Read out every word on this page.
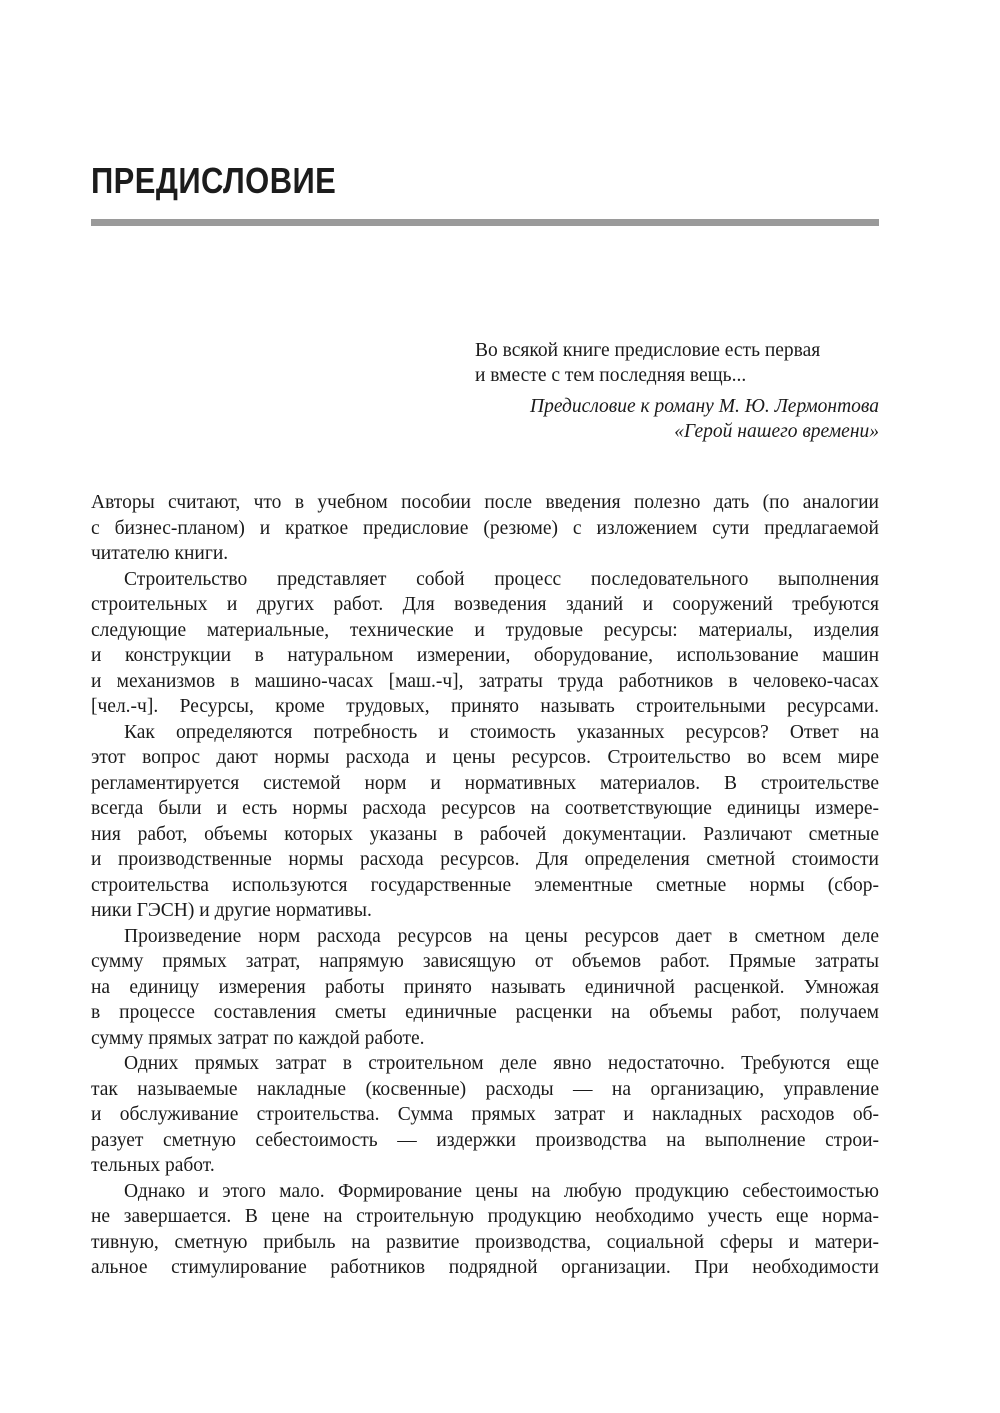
ПРЕДИСЛОВИЕ

Во всякой книге предисловие есть первая
и вместе с тем последняя вещь...

Предисловие к роману М. Ю. Лермонтова
«Герой нашего времени»

Авторы считают, что в учебном пособии после введения полезно дать (по аналогии
с бизнес-планом) и краткое предисловие (резюме) с изложением сути предлагаемой
читателю книги.
Строительство представляет собой процесс последовательного выполнения
строительных и других работ. Для возведения зданий и сооружений требуются
следующие материальные, технические и трудовые ресурсы: материалы, изделия
и конструкции в натуральном измерении, оборудование, использование машин
и механизмов в машино-часах [маш.-ч], затраты труда работников в человеко-часах
[чел.-ч]. Ресурсы, кроме трудовых, принято называть строительными ресурсами.
Как определяются потребность и стоимость указанных ресурсов? Ответ на
этот вопрос дают нормы расхода и цены ресурсов. Строительство во всем мире
регламентируется системой норм и нормативных материалов. В строительстве
всегда были и есть нормы расхода ресурсов на соответствующие единицы измере-
ния работ, объемы которых указаны в рабочей документации. Различают сметные
и производственные нормы расхода ресурсов. Для определения сметной стоимости
строительства используются государственные элементные сметные нормы (сбор-
ники ГЭСН) и другие нормативы.
Произведение норм расхода ресурсов на цены ресурсов дает в сметном деле
сумму прямых затрат, напрямую зависящую от объемов работ. Прямые затраты
на единицу измерения работы принято называть единичной расценкой. Умножая
в процессе составления сметы единичные расценки на объемы работ, получаем
сумму прямых затрат по каждой работе.
Одних прямых затрат в строительном деле явно недостаточно. Требуются еще
так называемые накладные (косвенные) расходы — на организацию, управление
и обслуживание строительства. Сумма прямых затрат и накладных расходов об-
разует сметную себестоимость — издержки производства на выполнение строи-
тельных работ.
Однако и этого мало. Формирование цены на любую продукцию себестоимостью
не завершается. В цене на строительную продукцию необходимо учесть еще норма-
тивную, сметную прибыль на развитие производства, социальной сферы и матери-
альное стимулирование работников подрядной организации. При необходимости
